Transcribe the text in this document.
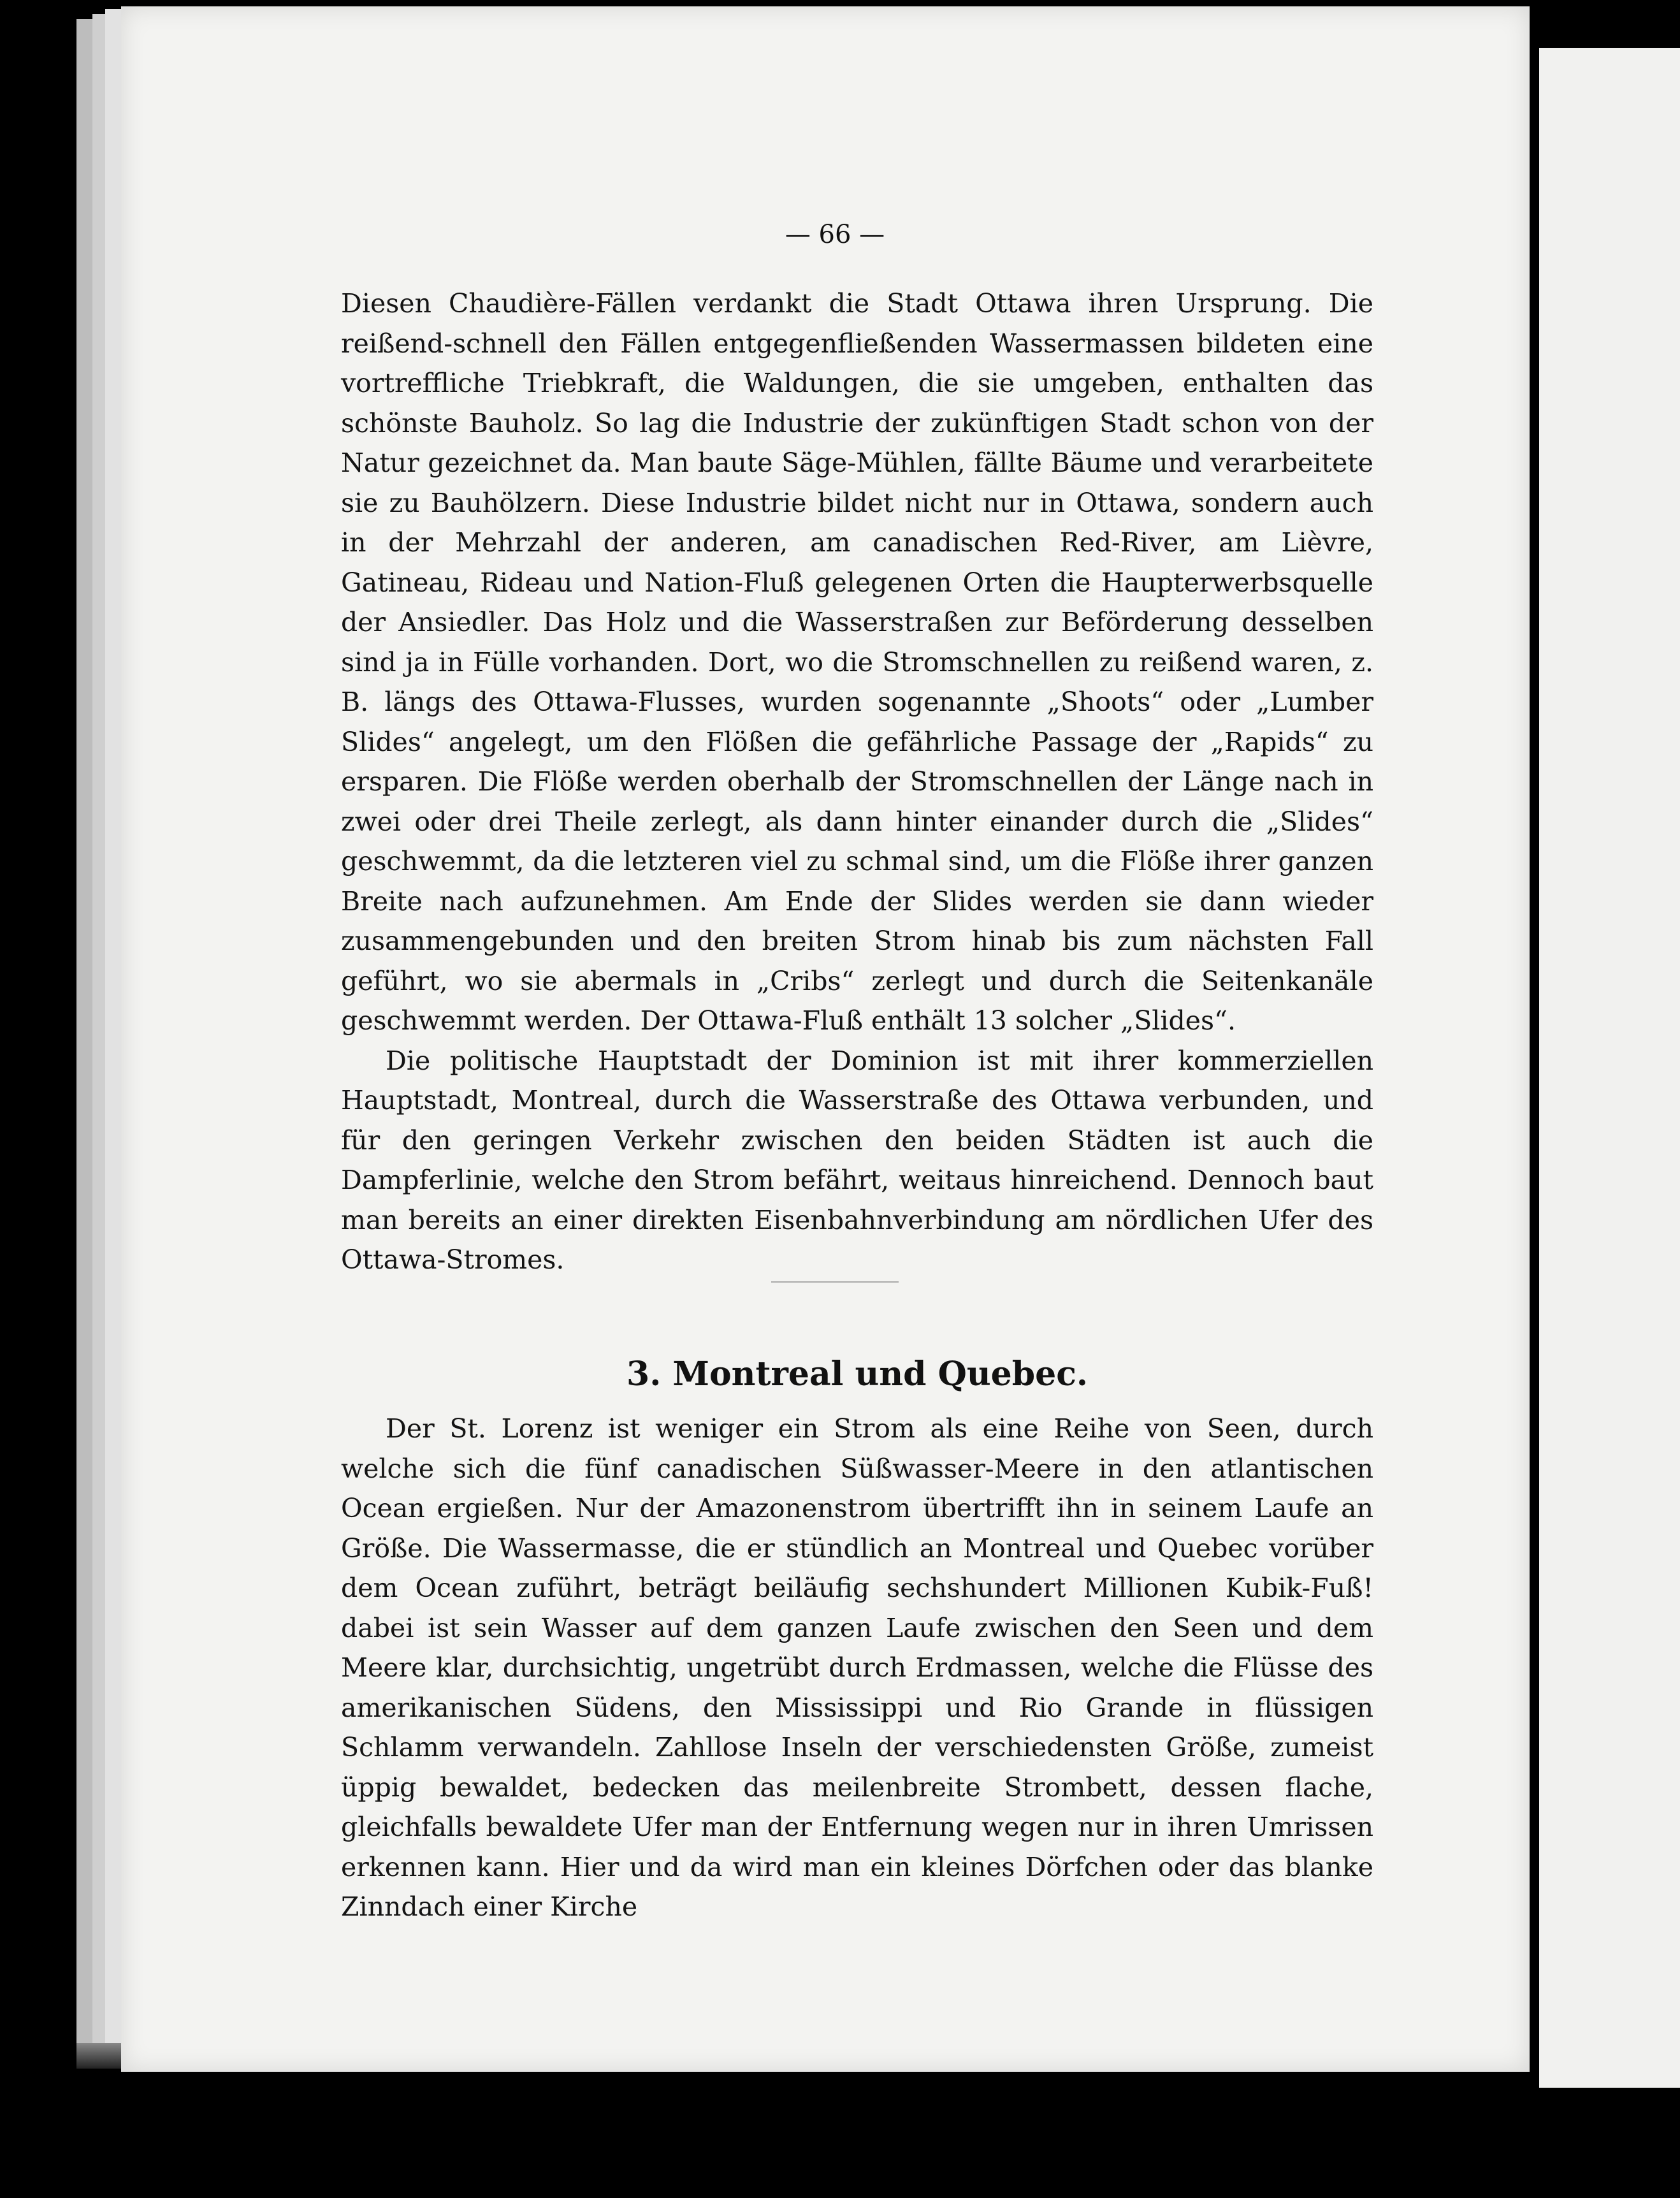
— 66 —

Diesen Chaudière-Fällen verdankt die Stadt Ottawa ihren Ursprung. Die reißend-schnell den Fällen entgegenfließenden Wassermassen bildeten eine vortreffliche Triebkraft, die Waldungen, die sie umgeben, enthalten das schönste Bauholz. So lag die Industrie der zukünftigen Stadt schon von der Natur gezeichnet da. Man baute Säge-Mühlen, fällte Bäume und verarbeitete sie zu Bauhölzern. Diese Industrie bildet nicht nur in Ottawa, sondern auch in der Mehrzahl der anderen, am canadischen Red-River, am Lièvre, Gatineau, Rideau und Nation-Fluß gelegenen Orten die Haupterwerbsquelle der Ansiedler. Das Holz und die Wasserstraßen zur Beförderung desselben sind ja in Fülle vorhanden. Dort, wo die Stromschnellen zu reißend waren, z. B. längs des Ottawa-Flusses, wurden sogenannte „Shoots“ oder „Lumber Slides“ angelegt, um den Flößen die gefährliche Passage der „Rapids“ zu ersparen. Die Flöße werden oberhalb der Stromschnellen der Länge nach in zwei oder drei Theile zerlegt, als dann hinter einander durch die „Slides“ geschwemmt, da die letzteren viel zu schmal sind, um die Flöße ihrer ganzen Breite nach aufzunehmen. Am Ende der Slides werden sie dann wieder zusammengebunden und den breiten Strom hinab bis zum nächsten Fall geführt, wo sie abermals in „Cribs“ zerlegt und durch die Seitenkanäle geschwemmt werden. Der Ottawa-Fluß enthält 13 solcher „Slides“.

Die politische Hauptstadt der Dominion ist mit ihrer kommerziellen Hauptstadt, Montreal, durch die Wasserstraße des Ottawa verbunden, und für den geringen Verkehr zwischen den beiden Städten ist auch die Dampferlinie, welche den Strom befährt, weitaus hinreichend. Dennoch baut man bereits an einer direkten Eisenbahnverbindung am nördlichen Ufer des Ottawa-Stromes.

3. Montreal und Quebec.

Der St. Lorenz ist weniger ein Strom als eine Reihe von Seen, durch welche sich die fünf canadischen Süßwasser-Meere in den atlantischen Ocean ergießen. Nur der Amazonenstrom übertrifft ihn in seinem Laufe an Größe. Die Wassermasse, die er stündlich an Montreal und Quebec vorüber dem Ocean zuführt, beträgt beiläufig sechshundert Millionen Kubik-Fuß! dabei ist sein Wasser auf dem ganzen Laufe zwischen den Seen und dem Meere klar, durchsichtig, ungetrübt durch Erdmassen, welche die Flüsse des amerikanischen Südens, den Mississippi und Rio Grande in flüssigen Schlamm verwandeln. Zahllose Inseln der verschiedensten Größe, zumeist üppig bewaldet, bedecken das meilenbreite Strombett, dessen flache, gleichfalls bewaldete Ufer man der Entfernung wegen nur in ihren Umrissen erkennen kann. Hier und da wird man ein kleines Dörfchen oder das blanke Zinndach einer Kirche
